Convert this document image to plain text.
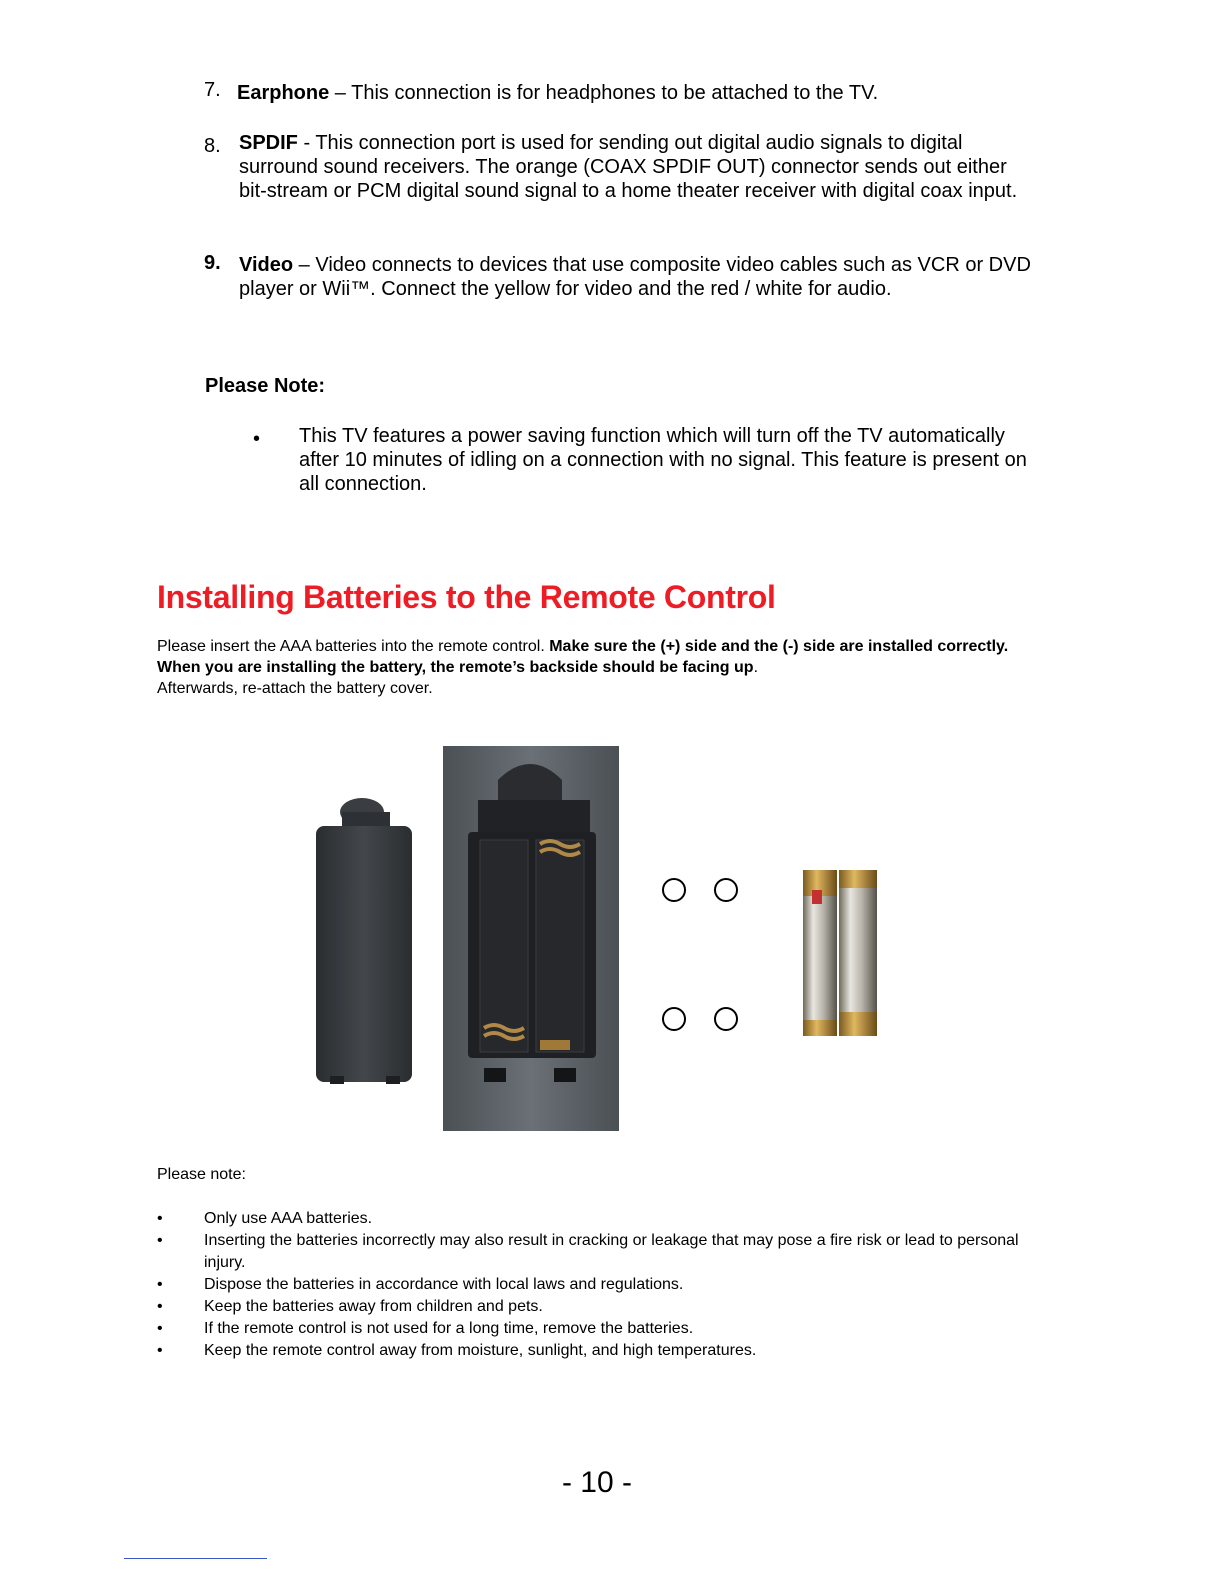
7. Earphone – This connection is for headphones to be attached to the TV.
8. SPDIF - This connection port is used for sending out digital audio signals to digital surround sound receivers. The orange (COAX SPDIF OUT) connector sends out either bit-stream or PCM digital sound signal to a home theater receiver with digital coax input.
9. Video – Video connects to devices that use composite video cables such as VCR or DVD player or Wii™. Connect the yellow for video and the red / white for audio.
Please Note:
• This TV features a power saving function which will turn off the TV automatically after 10 minutes of idling on a connection with no signal. This feature is present on all connection.
Installing Batteries to the Remote Control
Please insert the AAA batteries into the remote control. Make sure the (+) side and the (-) side are installed correctly. When you are installing the battery, the remote’s backside should be facing up.
Afterwards, re-attach the battery cover.
Please note:
•	Only use AAA batteries.
•	Inserting the batteries incorrectly may also result in cracking or leakage that may pose a fire risk or lead to personal injury.
•	Dispose the batteries in accordance with local laws and regulations.
•	Keep the batteries away from children and pets.
•	If the remote control is not used for a long time, remove the batteries.
•	Keep the remote control away from moisture, sunlight, and high temperatures.
- 10 -
